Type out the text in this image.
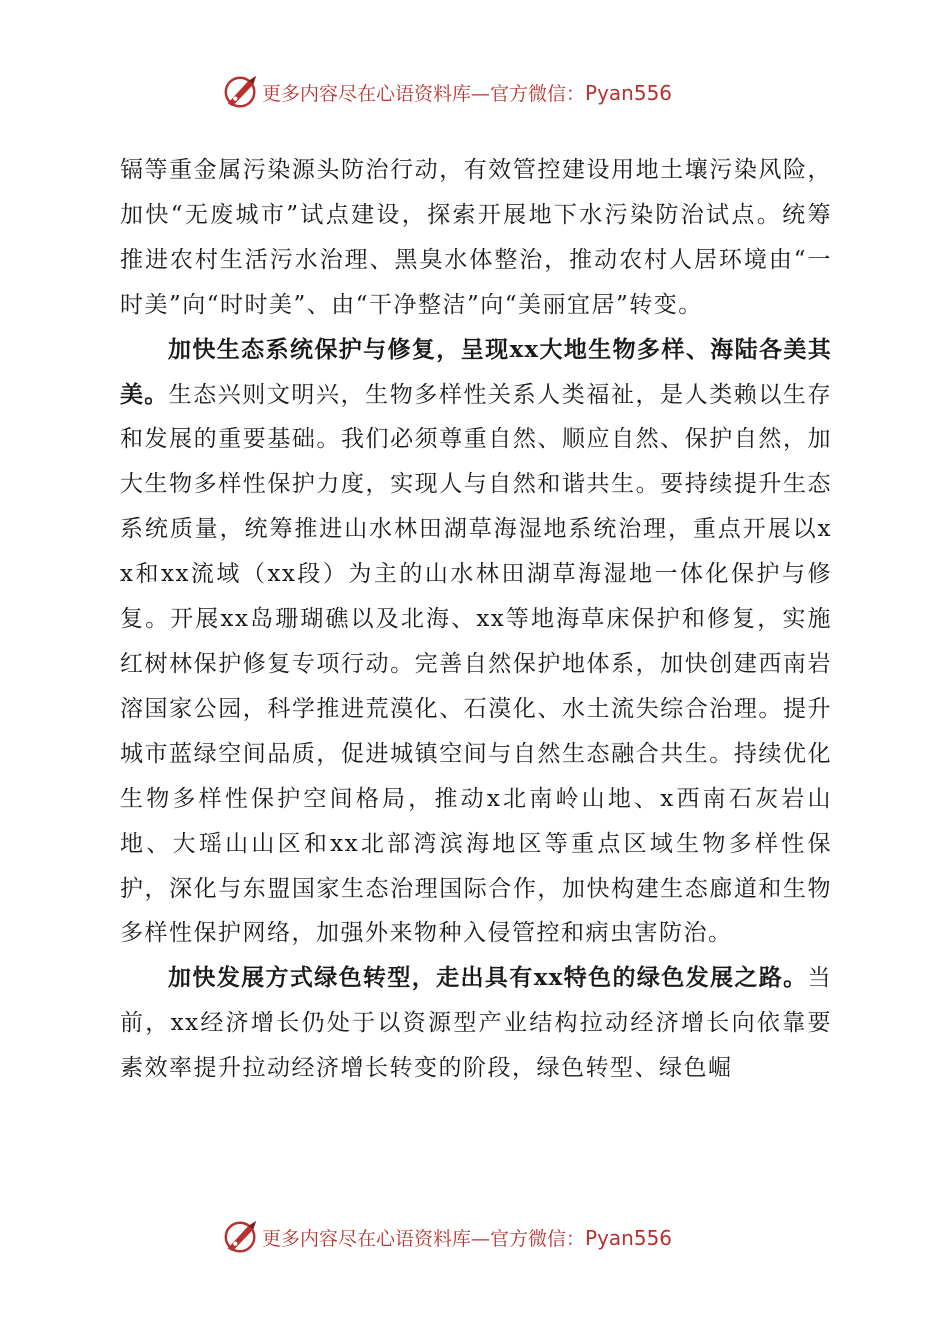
更多内容尽在心语资料库—官方微信：Pyan556

镉等重金属污染源头防治行动，有效管控建设用地土壤污染风险，加快“无废城市”试点建设，探索开展地下水污染防治试点。统筹推进农村生活污水治理、黑臭水体整治，推动农村人居环境由“一时美”向“时时美”、由“干净整洁”向“美丽宜居”转变。

加快生态系统保护与修复，呈现xx大地生物多样、海陆各美其美。生态兴则文明兴，生物多样性关系人类福祉，是人类赖以生存和发展的重要基础。我们必须尊重自然、顺应自然、保护自然，加大生物多样性保护力度，实现人与自然和谐共生。要持续提升生态系统质量，统筹推进山水林田湖草海湿地系统治理，重点开展以xx和xx流域（xx段）为主的山水林田湖草海湿地一体化保护与修复。开展xx岛珊瑚礁以及北海、xx等地海草床保护和修复，实施红树林保护修复专项行动。完善自然保护地体系，加快创建西南岩溶国家公园，科学推进荒漠化、石漠化、水土流失综合治理。提升城市蓝绿空间品质，促进城镇空间与自然生态融合共生。持续优化生物多样性保护空间格局，推动x北南岭山地、x西南石灰岩山地、大瑶山山区和xx北部湾滨海地区等重点区域生物多样性保护，深化与东盟国家生态治理国际合作，加快构建生态廊道和生物多样性保护网络，加强外来物种入侵管控和病虫害防治。

加快发展方式绿色转型，走出具有xx特色的绿色发展之路。当前，xx经济增长仍处于以资源型产业结构拉动经济增长向依靠要素效率提升拉动经济增长转变的阶段，绿色转型、绿色崛

更多内容尽在心语资料库—官方微信：Pyan556
